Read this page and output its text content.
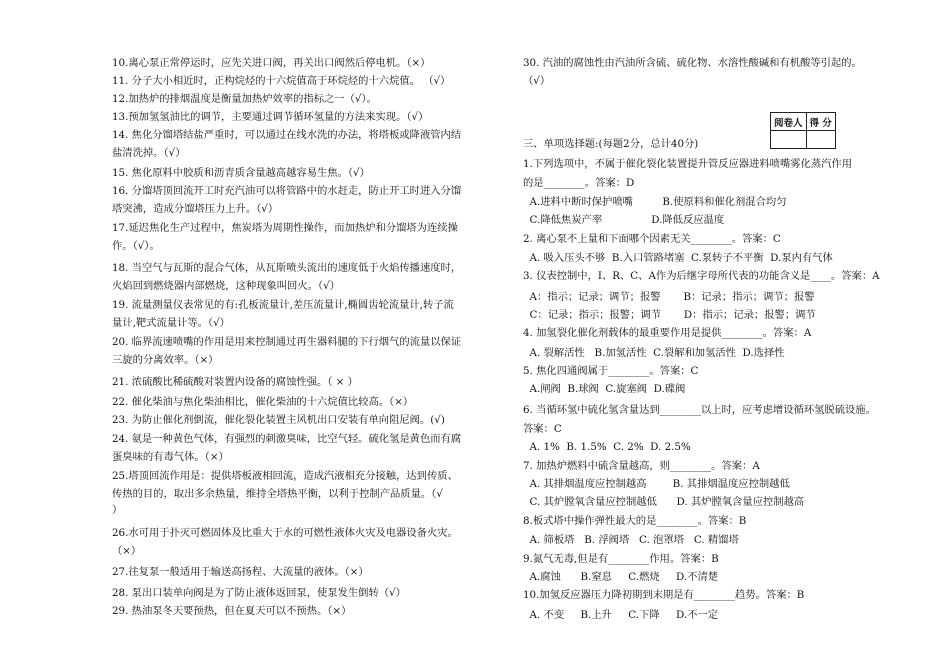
10.离心泵正常停运时，应先关进口阀，再关出口阀然后停电机。（×）
11. 分子大小相近时，正构烷烃的十六烷值高于环烷烃的十六烷值。 （√）
12.加热炉的排烟温度是衡量加热炉效率的指标之一（√）。
13.预加氢氢油比的调节，主要通过调节循环氢量的方法来实现。（√）
14. 焦化分馏塔结盐严重时，可以通过在线水洗的办法，将塔板或降液管内结
盐清洗掉。（√）
15. 焦化原料中胶质和沥青质含量越高越容易生焦。（√）
16. 分馏塔顶回流开工时充汽油可以将管路中的水赶走，防止开工时进入分馏
塔突沸，造成分馏塔压力上升。（√）
17.延迟焦化生产过程中，焦炭塔为周期性操作，而加热炉和分馏塔为连续操
作。（√）。
18. 当空气与瓦斯的混合气体，从瓦斯喷头流出的速度低于火焰传播速度时，
火焰回到燃烧器内部燃烧，这种现象叫回火。（√）
19. 流量测量仪表常见的有:孔板流量计,差压流量计,椭圆齿轮流量计,转子流
量计,靶式流量计等。（√）
20. 临界流速喷嘴的作用是用来控制通过再生器料腿的下行烟气的流量以保证
三旋的分离效率。（×）
21. 浓硫酸比稀硫酸对装置内设备的腐蚀性强。（ × ）
22. 催化柴油与焦化柴油相比，催化柴油的十六烷值比较高。（×）
23. 为防止催化剂倒流，催化裂化装置主风机出口安装有单向阻尼阀。(√)
24. 氨是一种黄色气体，有强烈的刺激臭味，比空气轻。硫化氢是黄色而有腐
蛋臭味的有毒气体。（×）
25.塔顶回流作用是：提供塔板液相回流，造成汽液相充分接触，达到传质、
传热的目的，取出多余热量，维持全塔热平衡，以利于控制产品质量。（√
）
26.水可用于扑灭可燃固体及比重大于水的可燃性液体火灾及电器设备火灾。
（×）
27.往复泵一般适用于输送高扬程、大流量的液体。（×）
28. 泵出口装单向阀是为了防止液体返回泵，使泵发生倒转（√）
29. 热油泵冬天要预热，但在夏天可以不预热。（×）
30. 汽油的腐蚀性由汽油所含硫、硫化物、水溶性酸碱和有机酸等引起的。
（√）
三、单项选择题:(每题2分，总计40分)
1.下列选项中，不属于催化裂化装置提升管反应器进料喷嘴雾化蒸汽作用
的是________。答案：D
A.进料中断时保护喷嘴         B.使原料和催化剂混合均匀
C.降低焦炭产率               D.降低反应温度
2. 离心泵不上量和下面哪个因素无关________。答案：C
A. 吸入压头不够  B.入口管路堵塞  C.泵转子不平衡  D.泵内有气体
3. 仪表控制中，I、R、C、A作为后继字母所代表的功能含义是____。答案：A
A：指示；记录；调节；报警       B：记录；指示；调节；报警
C：记录；指示；报警；调节       D：指示；记录；报警；调节
4. 加氢裂化催化剂载体的最重要作用是提供________。答案：A
A. 裂解活性   B.加氢活性  C.裂解和加氢活性  D.选择性
5. 焦化四通阀属于________。答案：C
A.闸阀  B.球阀  C.旋塞阀  D.碟阀
6. 当循环氢中硫化氢含量达到________以上时，应考虑增设循环氢脱硫设施。
答案：C
A. 1%  B. 1.5%  C. 2%  D. 2.5%
7. 加热炉燃料中硫含量越高，则________。答案：A
A. 其排烟温度应控制越高        B. 其排烟温度应控制越低
C. 其炉膛氧含量应控制越低      D. 其炉膛氧含量应控制越高
8.板式塔中操作弹性最大的是________。答案：B
A. 筛板塔   B. 浮阀塔   C. 泡罩塔   C. 精馏塔
9.氮气无毒,但是有________作用。答案：B
A.腐蚀      B.窒息     C.燃烧     D.不清楚
10.加氢反应器压力降初期到末期是有________趋势。答案：B
A. 不变     B.上升     C.下降     D.不一定
阅卷人	得 分
